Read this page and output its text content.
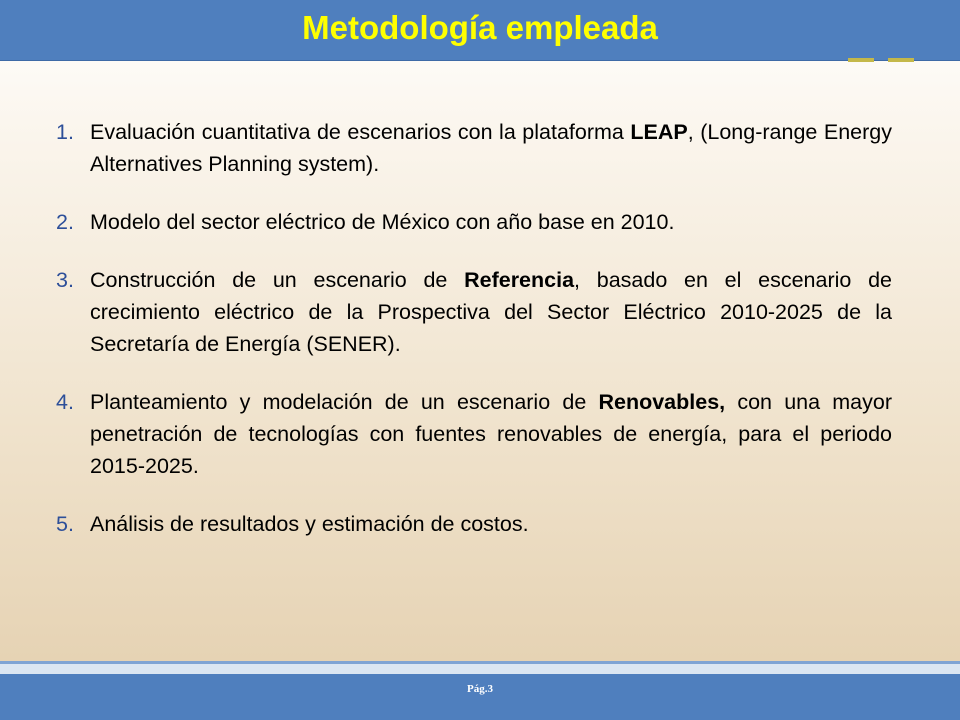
Metodología empleada
1. Evaluación cuantitativa de escenarios con la plataforma LEAP, (Long-range Energy Alternatives Planning system).
2. Modelo del sector eléctrico de México con año base en 2010.
3. Construcción de un escenario de Referencia, basado en el escenario de crecimiento eléctrico de la Prospectiva del Sector Eléctrico 2010-2025 de la Secretaría de Energía (SENER).
4. Planteamiento y modelación de un escenario de Renovables, con una mayor penetración de tecnologías con fuentes renovables de energía, para el periodo 2015-2025.
5. Análisis de resultados y estimación de costos.
Pág.3
